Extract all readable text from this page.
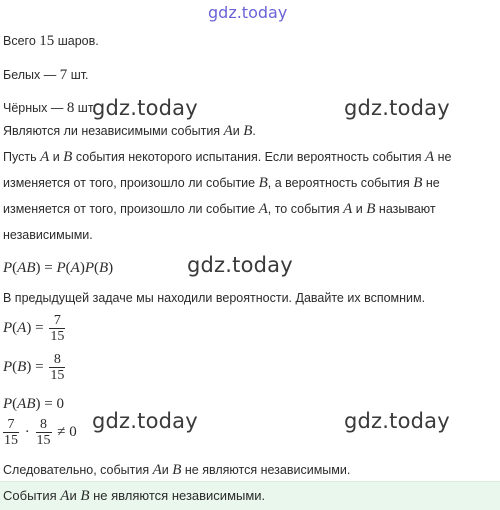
gdz.today
gdz.today	gdz.today
gdz.today
gdz.today	gdz.today
Всего 15 шаров.
Белых — 7 шт.
Чёрных — 8 шт.
Являются ли независимыми события Aи B.
Пусть A и B события некоторого испытания. Если вероятность события A не
изменяется от того, произошло ли событие B, а вероятность события B не
изменяется от того, произошло ли событие A, то события A и B называют
независимыми.
P(AB) = P(A)P(B)
В предыдущей задаче мы находили вероятности. Давайте их вспомним.
$P(A) = \frac{7}{15}$
$P(B) = \frac{8}{15}$
P(AB) = 0
$\frac{7}{15} \cdot \frac{8}{15} \ne 0$
Следовательно, события Aи B не являются независимыми.
События Aи B не являются независимыми.
